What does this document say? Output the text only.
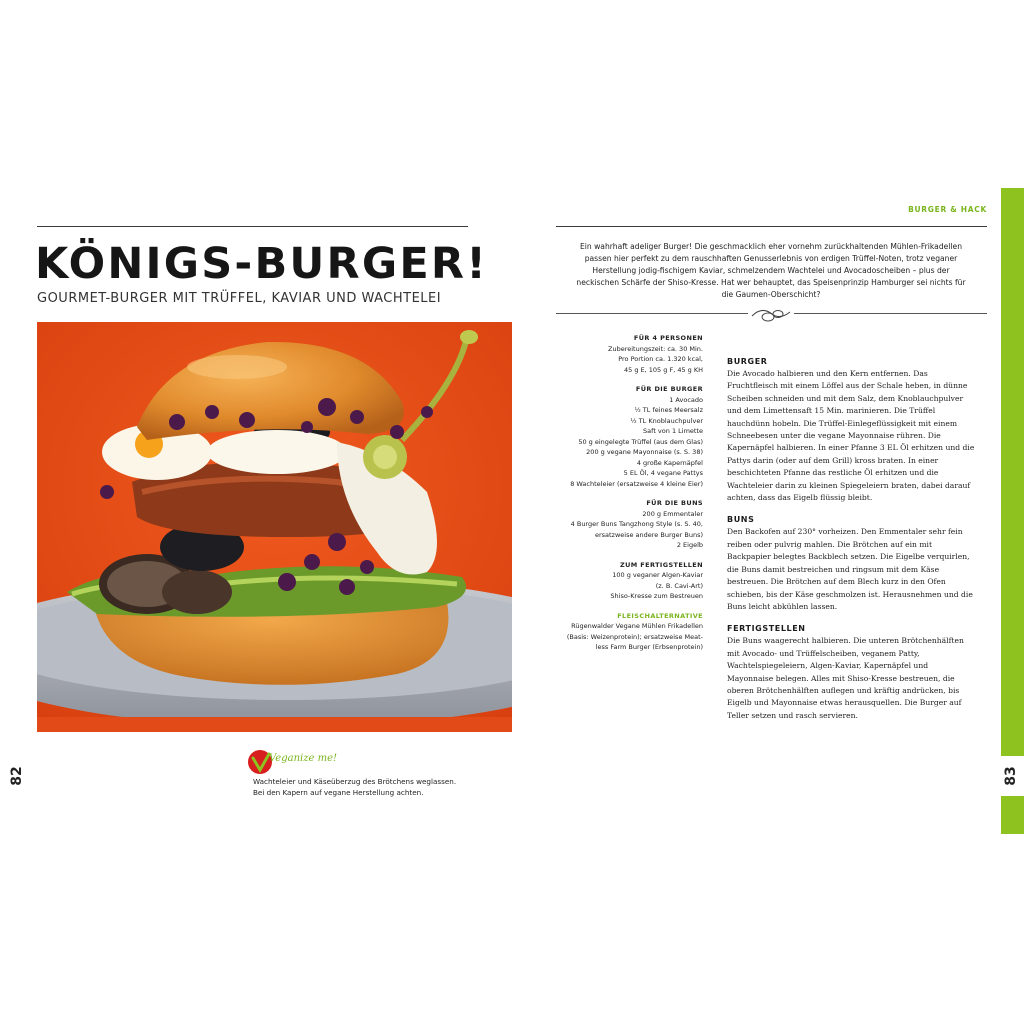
KÖNIGS-BURGER!
GOURMET-BURGER MIT TRÜFFEL, KAVIAR UND WACHTELEI
82
Veganize me!
Wachteleier und Käseüberzug des Brötchens weglassen. Bei den Kapern auf vegane Herstellung achten.
83
BURGER & HACK
Ein wahrhaft adeliger Burger! Die geschmacklich eher vornehm zurückhaltenden Mühlen-Frikadellen passen hier perfekt zu dem rauschhaften Genusserlebnis von erdigen Trüffel-Noten, trotz veganer Herstellung jodig-fischigem Kaviar, schmelzendem Wachtelei und Avocadoscheiben – plus der neckischen Schärfe der Shiso-Kresse. Hat wer behauptet, das Speisenprinzip Hamburger sei nichts für die Gaumen-Oberschicht?
FÜR 4 PERSONEN
Zubereitungszeit: ca. 30 Min.
Pro Portion ca. 1.320 kcal,
45 g E, 105 g F, 45 g KH
FÜR DIE BURGER
1 Avocado
½ TL feines Meersalz
½ TL Knoblauchpulver
Saft von 1 Limette
50 g eingelegte Trüffel (aus dem Glas)
200 g vegane Mayonnaise (s. S. 38)
4 große Kapernäpfel
5 EL Öl, 4 vegane Pattys
8 Wachteleier (ersatzweise 4 kleine Eier)
FÜR DIE BUNS
200 g Emmentaler
4 Burger Buns Tangzhong Style (s. S. 40,
ersatzweise andere Burger Buns)
2 Eigelb
ZUM FERTIGSTELLEN
100 g veganer Algen-Kaviar
(z. B. Cavi-Art)
Shiso-Kresse zum Bestreuen
FLEISCHALTERNATIVE
Rügenwalder Vegane Mühlen Frikadellen
(Basis: Weizenprotein); ersatzweise Meat-
less Farm Burger (Erbsenprotein)
BURGER
Die Avocado halbieren und den Kern entfernen. Das Fruchtfleisch mit einem Löffel aus der Schale heben, in dünne Scheiben schneiden und mit dem Salz, dem Knoblauchpulver und dem Limettensaft 15 Min. marinieren. Die Trüffel hauchdünn hobeln. Die Trüffel-Einlegeflüssigkeit mit einem Schneebesen unter die vegane Mayonnaise rühren. Die Kapernäpfel halbieren. In einer Pfanne 3 EL Öl erhitzen und die Pattys darin (oder auf dem Grill) kross braten. In einer beschichteten Pfanne das restliche Öl erhitzen und die Wachteleier darin zu kleinen Spiegeleiern braten, dabei darauf achten, dass das Eigelb flüssig bleibt.
BUNS
Den Backofen auf 230° vorheizen. Den Emmentaler sehr fein reiben oder pulvrig mahlen. Die Brötchen auf ein mit Backpapier belegtes Backblech setzen. Die Eigelbe verquirlen, die Buns damit bestreichen und ringsum mit dem Käse bestreuen. Die Brötchen auf dem Blech kurz in den Ofen schieben, bis der Käse geschmolzen ist. Herausnehmen und die Buns leicht abkühlen lassen.
FERTIGSTELLEN
Die Buns waagerecht halbieren. Die unteren Brötchenhälften mit Avocado- und Trüffelscheiben, veganem Patty, Wachtelspiegeleiern, Algen-Kaviar, Kapernäpfel und Mayonnaise belegen. Alles mit Shiso-Kresse bestreuen, die oberen Brötchenhälften auflegen und kräftig andrücken, bis Eigelb und Mayonnaise etwas herausquellen. Die Burger auf Teller setzen und rasch servieren.
